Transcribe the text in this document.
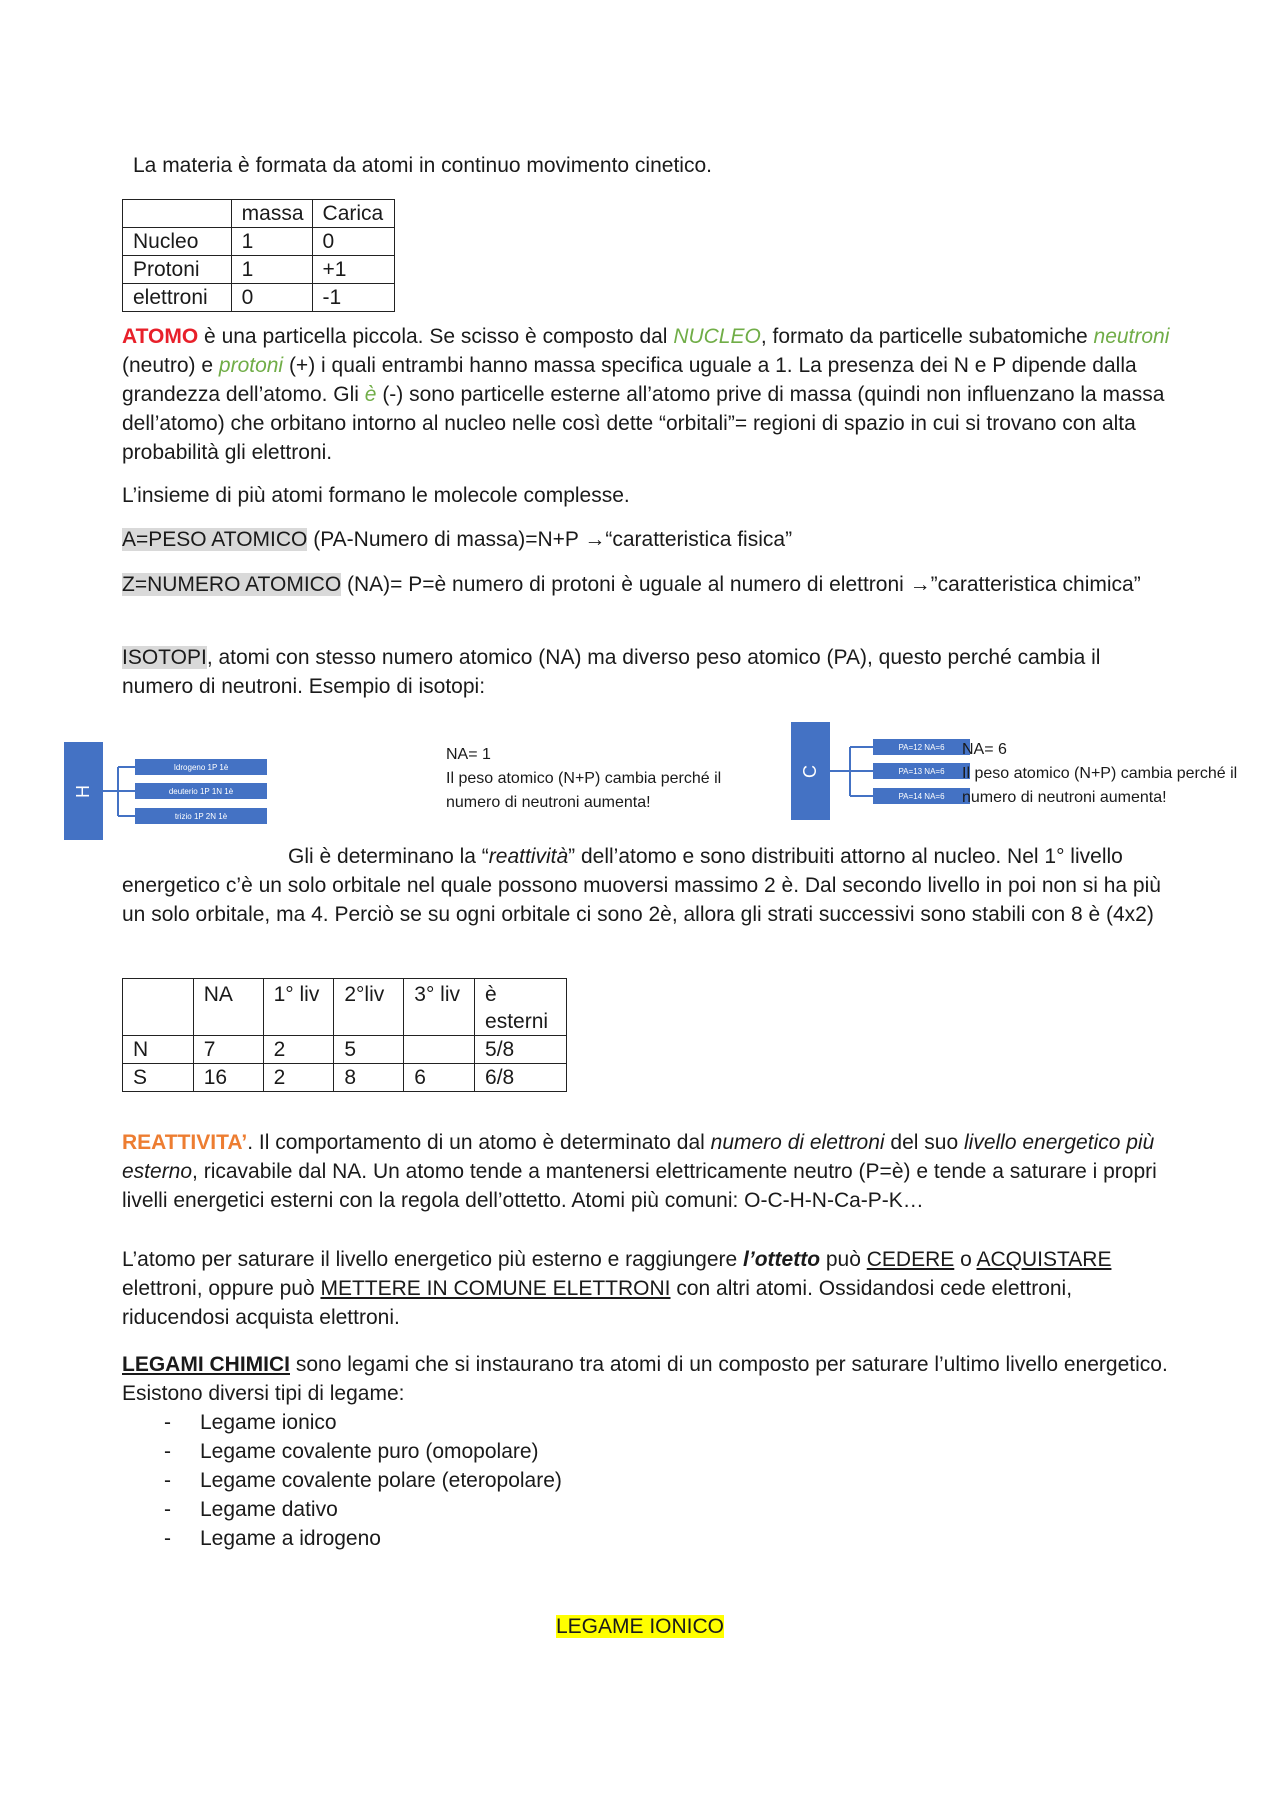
La materia è formata da atomi in continuo movimento cinetico.
	massa	Carica
Nucleo	1	0
Protoni	1	+1
elettroni	0	-1
ATOMO è una particella piccola. Se scisso è composto dal NUCLEO, formato da particelle subatomiche neutroni (neutro) e protoni (+) i quali entrambi hanno massa specifica uguale a 1. La presenza dei N e P dipende dalla grandezza dell’atomo. Gli è (-) sono particelle esterne all’atomo prive di massa (quindi non influenzano la massa dell’atomo) che orbitano intorno al nucleo nelle così dette “orbitali”= regioni di spazio in cui si trovano con alta probabilità gli elettroni.
L’insieme di più atomi formano le molecole complesse.
A=PESO ATOMICO (PA-Numero di massa)=N+P →“caratteristica fisica”
Z=NUMERO ATOMICO (NA)= P=è numero di protoni è uguale al numero di elettroni →”caratteristica chimica”
ISOTOPI, atomi con stesso numero atomico (NA) ma diverso peso atomico (PA), questo perché cambia il numero di neutroni. Esempio di isotopi:
H
Idrogeno 1P 1è
deuterio 1P 1N 1è
trizio 1P 2N 1è
NA= 1
Il peso atomico (N+P) cambia perché il numero di neutroni aumenta!
C
PA=12 NA=6
PA=13 NA=6
PA=14 NA=6
NA= 6
Il peso atomico (N+P) cambia perché il numero di neutroni aumenta!
Gli è determinano la “reattività” dell’atomo e sono distribuiti attorno al nucleo. Nel 1° livello energetico c’è un solo orbitale nel quale possono muoversi massimo 2 è. Dal secondo livello in poi non si ha più un solo orbitale, ma 4. Perciò se su ogni orbitale ci sono 2è, allora gli strati successivi sono stabili con 8 è (4x2)
	NA	1° liv	2°liv	3° liv	è esterni
N	7	2	5		5/8
S	16	2	8	6	6/8
REATTIVITA’. Il comportamento di un atomo è determinato dal numero di elettroni del suo livello energetico più esterno, ricavabile dal NA. Un atomo tende a mantenersi elettricamente neutro (P=è) e tende a saturare i propri livelli energetici esterni con la regola dell’ottetto. Atomi più comuni: O-C-H-N-Ca-P-K…
L’atomo per saturare il livello energetico più esterno e raggiungere l’ottetto può CEDERE o ACQUISTARE elettroni, oppure può METTERE IN COMUNE ELETTRONI con altri atomi. Ossidandosi cede elettroni, riducendosi acquista elettroni.
LEGAMI CHIMICI sono legami che si instaurano tra atomi di un composto per saturare l’ultimo livello energetico. Esistono diversi tipi di legame:
- Legame ionico
- Legame covalente puro (omopolare)
- Legame covalente polare (eteropolare)
- Legame dativo
- Legame a idrogeno
LEGAME IONICO
